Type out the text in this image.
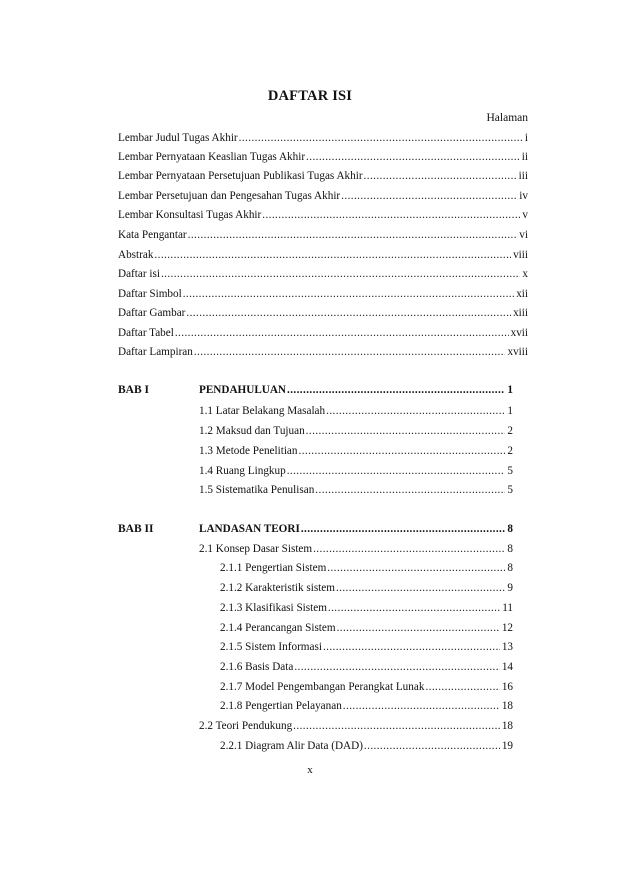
DAFTAR ISI
Halaman
Lembar Judul Tugas Akhir .....	i
Lembar Pernyataan Keaslian Tugas Akhir .....	ii
Lembar Pernyataan Persetujuan Publikasi Tugas Akhir .....	iii
Lembar Persetujuan dan Pengesahan Tugas Akhir .....	iv
Lembar Konsultasi Tugas Akhir .....	v
Kata Pengantar .....	vi
Abstrak .....	viii
Daftar isi .....	x
Daftar Simbol .....	xii
Daftar Gambar .....	xiii
Daftar Tabel .....	xvii
Daftar Lampiran .....	xviii
BAB I	PENDAHULUAN .....	1
1.1 Latar Belakang Masalah .....	1
1.2 Maksud dan Tujuan .....	2
1.3 Metode Penelitian .....	2
1.4 Ruang Lingkup .....	5
1.5 Sistematika Penulisan .....	5
BAB II	LANDASAN TEORI .....	8
2.1 Konsep Dasar Sistem .....	8
2.1.1 Pengertian Sistem .....	8
2.1.2 Karakteristik sistem .....	9
2.1.3 Klasifikasi Sistem .....	11
2.1.4 Perancangan Sistem .....	12
2.1.5 Sistem Informasi .....	13
2.1.6 Basis Data .....	14
2.1.7 Model Pengembangan Perangkat Lunak .....	16
2.1.8 Pengertian Pelayanan .....	18
2.2 Teori Pendukung .....	18
2.2.1 Diagram Alir Data (DAD) .....	19
x
